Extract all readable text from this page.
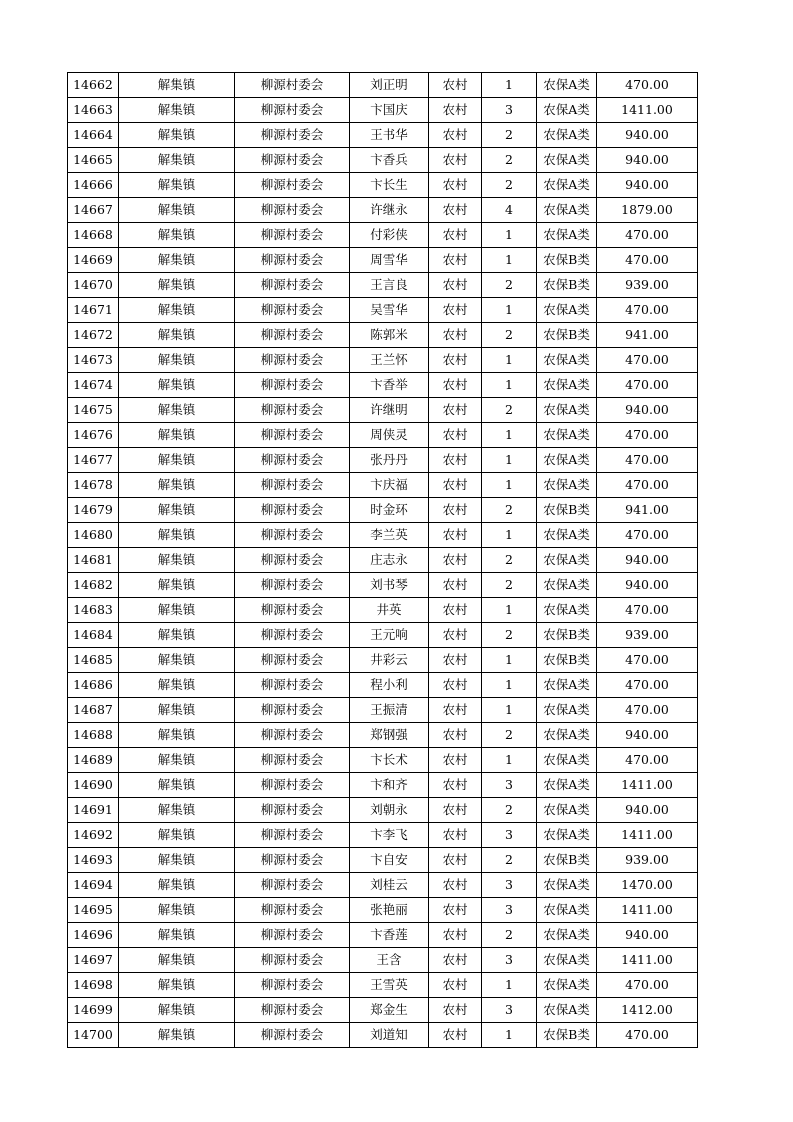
14662	解集镇	柳源村委会	刘正明	农村	1	农保A类	470.00
14663	解集镇	柳源村委会	卞国庆	农村	3	农保A类	1411.00
14664	解集镇	柳源村委会	王书华	农村	2	农保A类	940.00
14665	解集镇	柳源村委会	卞香兵	农村	2	农保A类	940.00
14666	解集镇	柳源村委会	卞长生	农村	2	农保A类	940.00
14667	解集镇	柳源村委会	许继永	农村	4	农保A类	1879.00
14668	解集镇	柳源村委会	付彩侠	农村	1	农保A类	470.00
14669	解集镇	柳源村委会	周雪华	农村	1	农保B类	470.00
14670	解集镇	柳源村委会	王言良	农村	2	农保B类	939.00
14671	解集镇	柳源村委会	吴雪华	农村	1	农保A类	470.00
14672	解集镇	柳源村委会	陈郭米	农村	2	农保B类	941.00
14673	解集镇	柳源村委会	王兰怀	农村	1	农保A类	470.00
14674	解集镇	柳源村委会	卞香举	农村	1	农保A类	470.00
14675	解集镇	柳源村委会	许继明	农村	2	农保A类	940.00
14676	解集镇	柳源村委会	周侠灵	农村	1	农保A类	470.00
14677	解集镇	柳源村委会	张丹丹	农村	1	农保A类	470.00
14678	解集镇	柳源村委会	卞庆福	农村	1	农保A类	470.00
14679	解集镇	柳源村委会	时金环	农村	2	农保B类	941.00
14680	解集镇	柳源村委会	李兰英	农村	1	农保A类	470.00
14681	解集镇	柳源村委会	庄志永	农村	2	农保A类	940.00
14682	解集镇	柳源村委会	刘书琴	农村	2	农保A类	940.00
14683	解集镇	柳源村委会	井英	农村	1	农保A类	470.00
14684	解集镇	柳源村委会	王元响	农村	2	农保B类	939.00
14685	解集镇	柳源村委会	井彩云	农村	1	农保B类	470.00
14686	解集镇	柳源村委会	程小利	农村	1	农保A类	470.00
14687	解集镇	柳源村委会	王振清	农村	1	农保A类	470.00
14688	解集镇	柳源村委会	郑钢强	农村	2	农保A类	940.00
14689	解集镇	柳源村委会	卞长术	农村	1	农保A类	470.00
14690	解集镇	柳源村委会	卞和齐	农村	3	农保A类	1411.00
14691	解集镇	柳源村委会	刘朝永	农村	2	农保A类	940.00
14692	解集镇	柳源村委会	卞李飞	农村	3	农保A类	1411.00
14693	解集镇	柳源村委会	卞自安	农村	2	农保B类	939.00
14694	解集镇	柳源村委会	刘桂云	农村	3	农保A类	1470.00
14695	解集镇	柳源村委会	张艳丽	农村	3	农保A类	1411.00
14696	解集镇	柳源村委会	卞香莲	农村	2	农保A类	940.00
14697	解集镇	柳源村委会	王含	农村	3	农保A类	1411.00
14698	解集镇	柳源村委会	王雪英	农村	1	农保A类	470.00
14699	解集镇	柳源村委会	郑金生	农村	3	农保A类	1412.00
14700	解集镇	柳源村委会	刘道知	农村	1	农保B类	470.00
